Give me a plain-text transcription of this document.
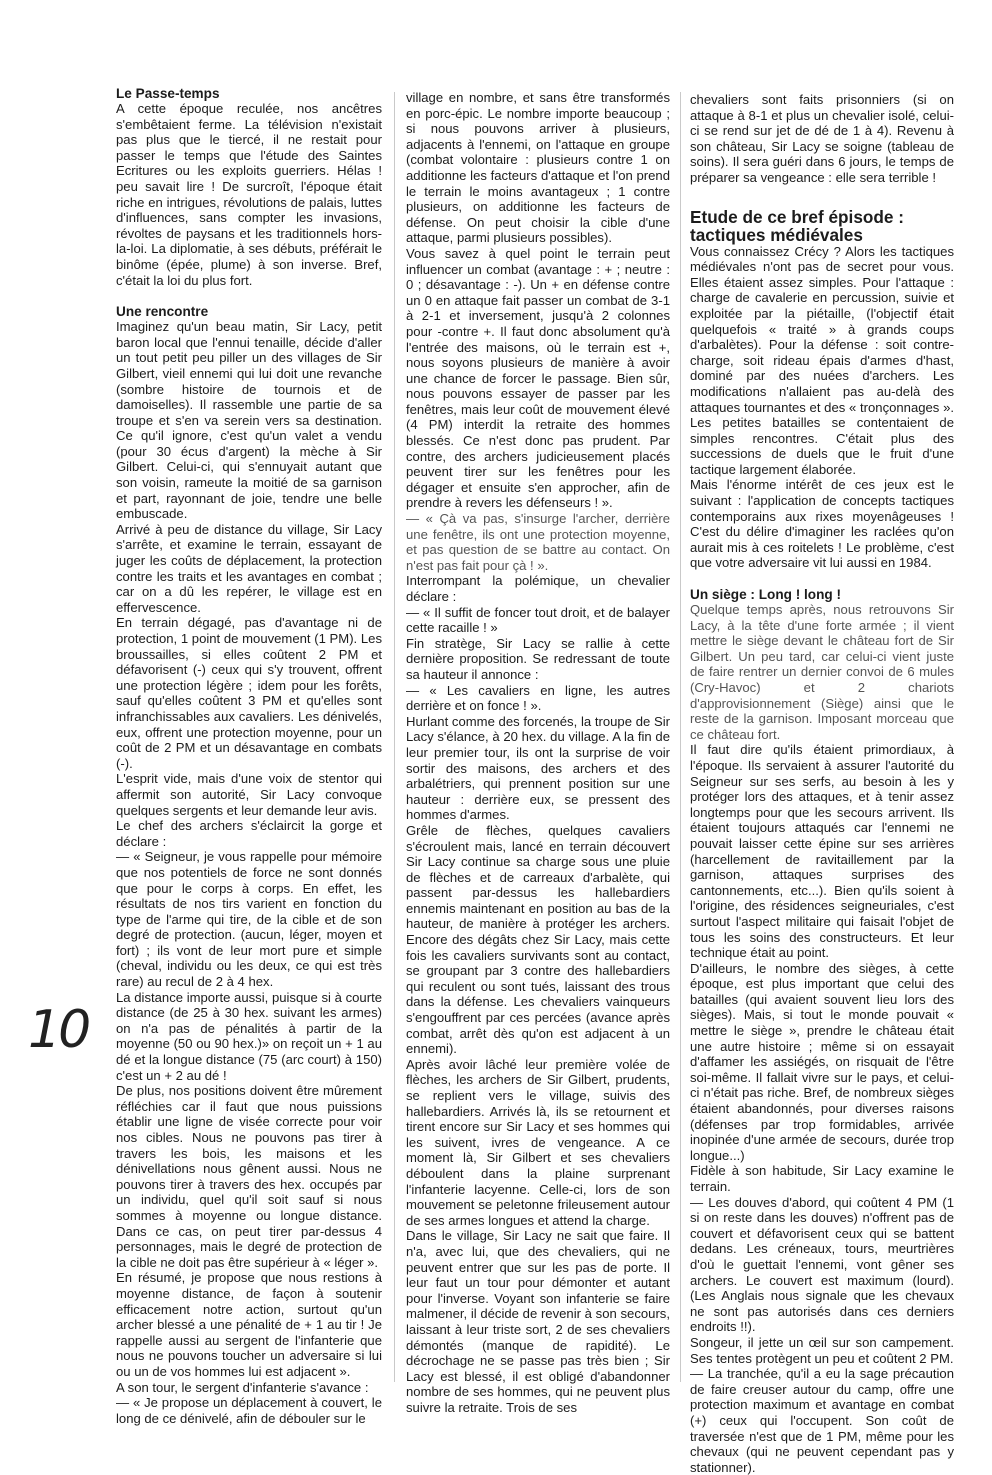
10
Le Passe-temps

A cette époque reculée, nos ancêtres s'embêtaient ferme. La télévision n'existait pas plus que le tiercé, il ne restait pour passer le temps que l'étude des Saintes Ecritures ou les exploits guerriers. Hélas ! peu savait lire ! De surcroît, l'époque était riche en intrigues, révolutions de palais, luttes d'influences, sans compter les invasions, révoltes de paysans et les traditionnels hors-la-loi. La diplomatie, à ses débuts, préférait le binôme (épée, plume) à son inverse. Bref, c'était la loi du plus fort.

Une rencontre

Imaginez qu'un beau matin, Sir Lacy, petit baron local que l'ennui tenaille, décide d'aller un tout petit peu piller un des villages de Sir Gilbert, vieil ennemi qui lui doit une revanche (sombre histoire de tournois et de damoiselles). Il rassemble une partie de sa troupe et s'en va serein vers sa destination. Ce qu'il ignore, c'est qu'un valet a vendu (pour 30 écus d'argent) la mèche à Sir Gilbert. Celui-ci, qui s'ennuyait autant que son voisin, rameute la moitié de sa garnison et part, rayonnant de joie, tendre une belle embuscade.

Arrivé à peu de distance du village, Sir Lacy s'arrête, et examine le terrain, essayant de juger les coûts de déplacement, la protection contre les traits et les avantages en combat ; car on a dû les repérer, le village est en effervescence.

En terrain dégagé, pas d'avantage ni de protection, 1 point de mouvement (1 PM). Les broussailles, si elles coûtent 2 PM et défavorisent (-) ceux qui s'y trouvent, offrent une protection légère ; idem pour les forêts, sauf qu'elles coûtent 3 PM et qu'elles sont infranchissables aux cavaliers. Les dénivelés, eux, offrent une protection moyenne, pour un coût de 2 PM et un désavantage en combats (-).

L'esprit vide, mais d'une voix de stentor qui affermit son autorité, Sir Lacy convoque quelques sergents et leur demande leur avis.

Le chef des archers s'éclaircit la gorge et déclare :

— « Seigneur, je vous rappelle pour mémoire que nos potentiels de force ne sont donnés que pour le corps à corps. En effet, les résultats de nos tirs varient en fonction du type de l'arme qui tire, de la cible et de son degré de protection. (aucun, léger, moyen et fort) ; ils vont de leur mort pure et simple (cheval, individu ou les deux, ce qui est très rare) au recul de 2 à 4 hex.

La distance importe aussi, puisque si à courte distance (de 25 à 30 hex. suivant les armes) on n'a pas de pénalités à partir de la moyenne (50 ou 90 hex.)» on reçoit un + 1 au dé et la longue distance (75 (arc court) à 150) c'est un + 2 au dé !

De plus, nos positions doivent être mûrement réfléchies car il faut que nous puissions établir une ligne de visée correcte pour voir nos cibles. Nous ne pouvons pas tirer à travers les bois, les maisons et les dénivellations nous gênent aussi. Nous ne pouvons tirer à travers des hex. occupés par un individu, quel qu'il soit sauf si nous sommes à moyenne ou longue distance. Dans ce cas, on peut tirer par-dessus 4 personnages, mais le degré de protection de la cible ne doit pas être supérieur à « léger ».

En résumé, je propose que nous restions à moyenne distance, de façon à soutenir efficacement notre action, surtout qu'un archer blessé a une pénalité de + 1 au tir ! Je rappelle aussi au sergent de l'infanterie que nous ne pouvons toucher un adversaire si lui ou un de vos hommes lui est adjacent ».

A son tour, le sergent d'infanterie s'avance :

— « Je propose un déplacement à couvert, le long de ce dénivelé, afin de débouler sur le

village en nombre, et sans être transformés en porc-épic. Le nombre importe beaucoup ; si nous pouvons arriver à plusieurs, adjacents à l'ennemi, on l'attaque en groupe (combat volontaire : plusieurs contre 1 on additionne les facteurs d'attaque et l'on prend le terrain le moins avantageux ; 1 contre plusieurs, on additionne les facteurs de défense. On peut choisir la cible d'une attaque, parmi plusieurs possibles).

Vous savez à quel point le terrain peut influencer un combat (avantage : + ; neutre : 0 ; désavantage : -). Un + en défense contre un 0 en attaque fait passer un combat de 3-1 à 2-1 et inversement, jusqu'à 2 colonnes pour -contre +. Il faut donc absolument qu'à l'entrée des maisons, où le terrain est +, nous soyons plusieurs de manière à avoir une chance de forcer le passage. Bien sûr, nous pouvons essayer de passer par les fenêtres, mais leur coût de mouvement élevé (4 PM) interdit la retraite des hommes blessés. Ce n'est donc pas prudent. Par contre, des archers judicieusement placés peuvent tirer sur les fenêtres pour les dégager et ensuite s'en approcher, afin de prendre à revers les défenseurs ! ».

— « Çà va pas, s'insurge l'archer, derrière une fenêtre, ils ont une protection moyenne, et pas question de se battre au contact. On n'est pas fait pour çà ! ».

Interrompant la polémique, un chevalier déclare :

— « Il suffit de foncer tout droit, et de balayer cette racaille ! »

Fin stratège, Sir Lacy se rallie à cette dernière proposition. Se redressant de toute sa hauteur il annonce :

— « Les cavaliers en ligne, les autres derrière et on fonce ! ».

Hurlant comme des forcenés, la troupe de Sir Lacy s'élance, à 20 hex. du village. A la fin de leur premier tour, ils ont la surprise de voir sortir des maisons, des archers et des arbalétriers, qui prennent position sur une hauteur : derrière eux, se pressent des hommes d'armes.

Grêle de flèches, quelques cavaliers s'écroulent mais, lancé en terrain découvert Sir Lacy continue sa charge sous une pluie de flèches et de carreaux d'arbalète, qui passent par-dessus les hallebardiers ennemis maintenant en position au bas de la hauteur, de manière à protéger les archers. Encore des dégâts chez Sir Lacy, mais cette fois les cavaliers survivants sont au contact, se groupant par 3 contre des hallebardiers qui reculent ou sont tués, laissant des trous dans la défense. Les chevaliers vainqueurs s'engouffrent par ces percées (avance après combat, arrêt dès qu'on est adjacent à un ennemi).

Après avoir lâché leur première volée de flèches, les archers de Sir Gilbert, prudents, se replient vers le village, suivis des hallebardiers. Arrivés là, ils se retournent et tirent encore sur Sir Lacy et ses hommes qui les suivent, ivres de vengeance. A ce moment là, Sir Gilbert et ses chevaliers déboulent dans la plaine surprenant l'infanterie lacyenne. Celle-ci, lors de son mouvement se peletonne frileusement autour de ses armes longues et attend la charge.

Dans le village, Sir Lacy ne sait que faire. Il n'a, avec lui, que des chevaliers, qui ne peuvent entrer que sur les pas de porte. Il leur faut un tour pour démonter et autant pour l'inverse. Voyant son infanterie se faire malmener, il décide de revenir à son secours, laissant à leur triste sort, 2 de ses chevaliers démontés (manque de rapidité). Le décrochage ne se passe pas très bien ; Sir Lacy est blessé, il est obligé d'abandonner nombre de ses hommes, qui ne peuvent plus suivre la retraite. Trois de ses

chevaliers sont faits prisonniers (si on attaque à 8-1 et plus un chevalier isolé, celui-ci se rend sur jet de dé de 1 à 4). Revenu à son château, Sir Lacy se soigne (tableau de soins). Il sera guéri dans 6 jours, le temps de préparer sa vengeance : elle sera terrible !

Etude de ce bref épisode : tactiques médiévales

Vous connaissez Crécy ? Alors les tactiques médiévales n'ont pas de secret pour vous. Elles étaient assez simples. Pour l'attaque : charge de cavalerie en percussion, suivie et exploitée par la piétaille, (l'objectif était quelquefois « traité » à grands coups d'arbalètes). Pour la défense : soit contre-charge, soit rideau épais d'armes d'hast, dominé par des nuées d'archers. Les modifications n'allaient pas au-delà des attaques tournantes et des « tronçonnages ». Les petites batailles se contentaient de simples rencontres. C'était plus des successions de duels que le fruit d'une tactique largement élaborée.

Mais l'énorme intérêt de ces jeux est le suivant : l'application de concepts tactiques contemporains aux rixes moyenâgeuses ! C'est du délire d'imaginer les raclées qu'on aurait mis à ces roitelets ! Le problème, c'est que votre adversaire vit lui aussi en 1984.

Un siège : Long ! long !

Quelque temps après, nous retrouvons Sir Lacy, à la tête d'une forte armée ; il vient mettre le siège devant le château fort de Sir Gilbert. Un peu tard, car celui-ci vient juste de faire rentrer un dernier convoi de 6 mules (Cry-Havoc) et 2 chariots d'approvisionnement (Siège) ainsi que le reste de la garnison. Imposant morceau que ce château fort.

Il faut dire qu'ils étaient primordiaux, à l'époque. Ils servaient à assurer l'autorité du Seigneur sur ses serfs, au besoin à les y protéger lors des attaques, et à tenir assez longtemps pour que les secours arrivent. Ils étaient toujours attaqués car l'ennemi ne pouvait laisser cette épine sur ses arrières (harcellement de ravitaillement par la garnison, attaques surprises des cantonnements, etc...). Bien qu'ils soient à l'origine, des résidences seigneuriales, c'est surtout l'aspect militaire qui faisait l'objet de tous les soins des constructeurs. Et leur technique était au point.

D'ailleurs, le nombre des sièges, à cette époque, est plus important que celui des batailles (qui avaient souvent lieu lors des sièges). Mais, si tout le monde pouvait « mettre le siège », prendre le château était une autre histoire ; même si on essayait d'affamer les assiégés, on risquait de l'être soi-même. Il fallait vivre sur le pays, et celui-ci n'était pas riche. Bref, de nombreux sièges étaient abandonnés, pour diverses raisons (défenses par trop formidables, arrivée inopinée d'une armée de secours, durée trop longue...)

Fidèle à son habitude, Sir Lacy examine le terrain.

— Les douves d'abord, qui coûtent 4 PM (1 si on reste dans les douves) n'offrent pas de couvert et défavorisent ceux qui se battent dedans. Les créneaux, tours, meurtrières d'où le guettait l'ennemi, vont gêner ses archers. Le couvert est maximum (lourd). (Les Anglais nous signale que les chevaux ne sont pas autorisés dans ces derniers endroits !!).

Songeur, il jette un œil sur son campement. Ses tentes protègent un peu et coûtent 2 PM.

— La tranchée, qu'il a eu la sage précaution de faire creuser autour du camp, offre une protection maximum et avantage en combat (+) ceux qui l'occupent. Son coût de traversée n'est que de 1 PM, même pour les chevaux (qui ne peuvent cependant pas y stationner).
